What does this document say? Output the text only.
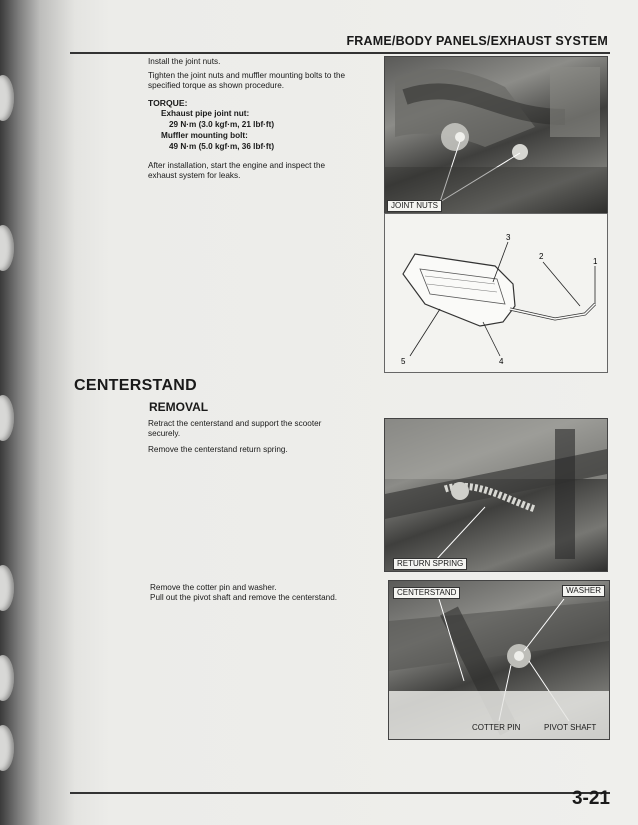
FRAME/BODY PANELS/EXHAUST SYSTEM
Install the joint nuts.
Tighten the joint nuts and muffler mounting bolts to the
specified torque as shown procedure.
TORQUE:
Exhaust pipe joint nut:
29 N·m (3.0 kgf·m, 21 lbf·ft)
Muffler mounting bolt:
49 N·m (5.0 kgf·m, 36 lbf·ft)
After installation, start the engine and inspect the
exhaust system for leaks.
JOINT NUTS
3
2
1
5	4
CENTERSTAND
REMOVAL
Retract the centerstand and support the scooter
securely.
Remove the centerstand return spring.
RETURN SPRING
Remove the cotter pin and washer.
Pull out the pivot shaft and remove the centerstand.
CENTERSTAND	WASHER
COTTER PIN	PIVOT SHAFT
3-21
